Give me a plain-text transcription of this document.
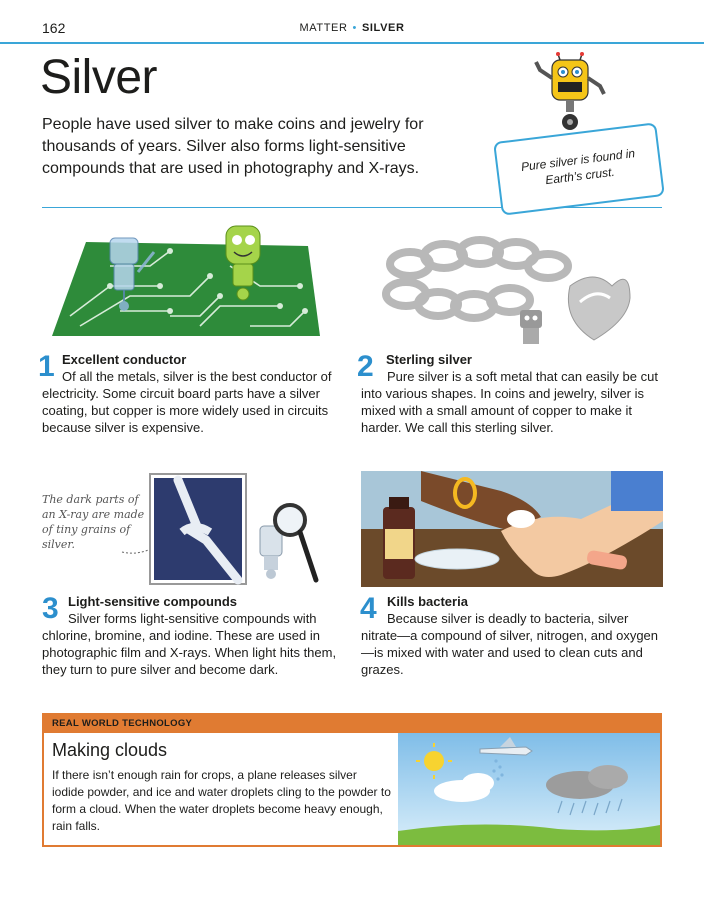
162	MATTER • SILVER
Silver

People have used silver to make coins and jewelry for thousands of years. Silver also forms light-sensitive compounds that are used in photography and X-rays.	Pure silver is found in Earth’s crust.
1 Excellent conductor
Of all the metals, silver is the best conductor of electricity. Some circuit board parts have a silver coating, but copper is more widely used in circuits because silver is expensive.
2 Sterling silver
Pure silver is a soft metal that can easily be cut into various shapes. In coins and jewelry, silver is mixed with a small amount of copper to make it harder. We call this sterling silver.
The dark parts of an X-ray are made of tiny grains of silver.
3 Light-sensitive compounds
Silver forms light-sensitive compounds with chlorine, bromine, and iodine. These are used in photographic film and X-rays. When light hits them, they turn to pure silver and become dark.
4 Kills bacteria
Because silver is deadly to bacteria, silver nitrate—a compound of silver, nitrogen, and oxygen—is mixed with water and used to clean cuts and grazes.
REAL WORLD TECHNOLOGY
Making clouds
If there isn’t enough rain for crops, a plane releases silver iodide powder, and ice and water droplets cling to the powder to form a cloud. When the water droplets become heavy enough, rain falls.
